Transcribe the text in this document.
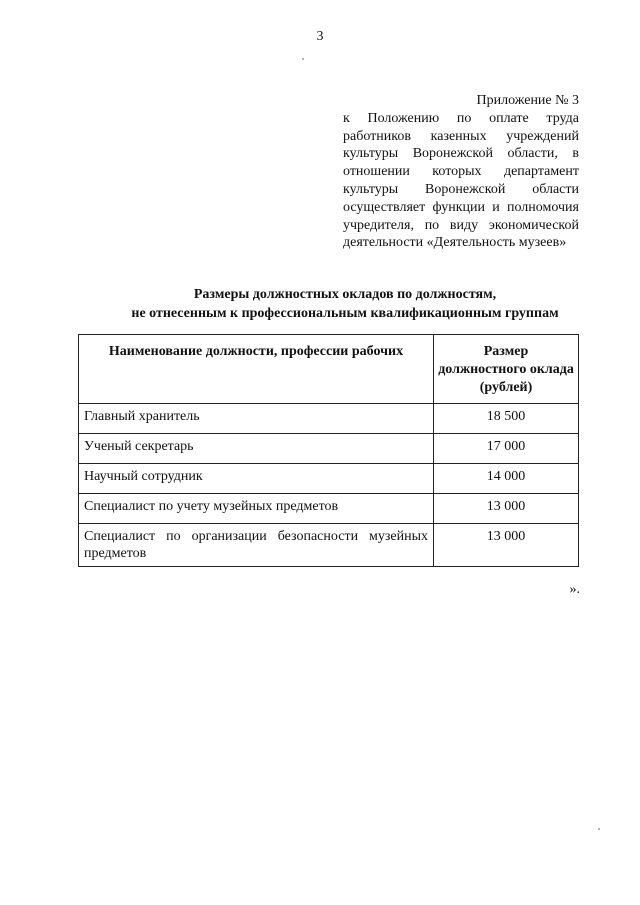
3
Приложение № 3
к Положению по оплате труда работников казенных учреждений культуры Воронежской области, в отношении которых департамент культуры Воронежской области осуществляет функции и полномочия учредителя, по виду экономической деятельности «Деятельность музеев»
Размеры должностных окладов по должностям,
не отнесенным к профессиональным квалификационным группам
Наименование должности, профессии рабочих	Размер должностного оклада (рублей)
Главный хранитель	18 500
Ученый секретарь	17 000
Научный сотрудник	14 000
Специалист по учету музейных предметов	13 000
Специалист по организации безопасности музейных предметов	13 000
».
